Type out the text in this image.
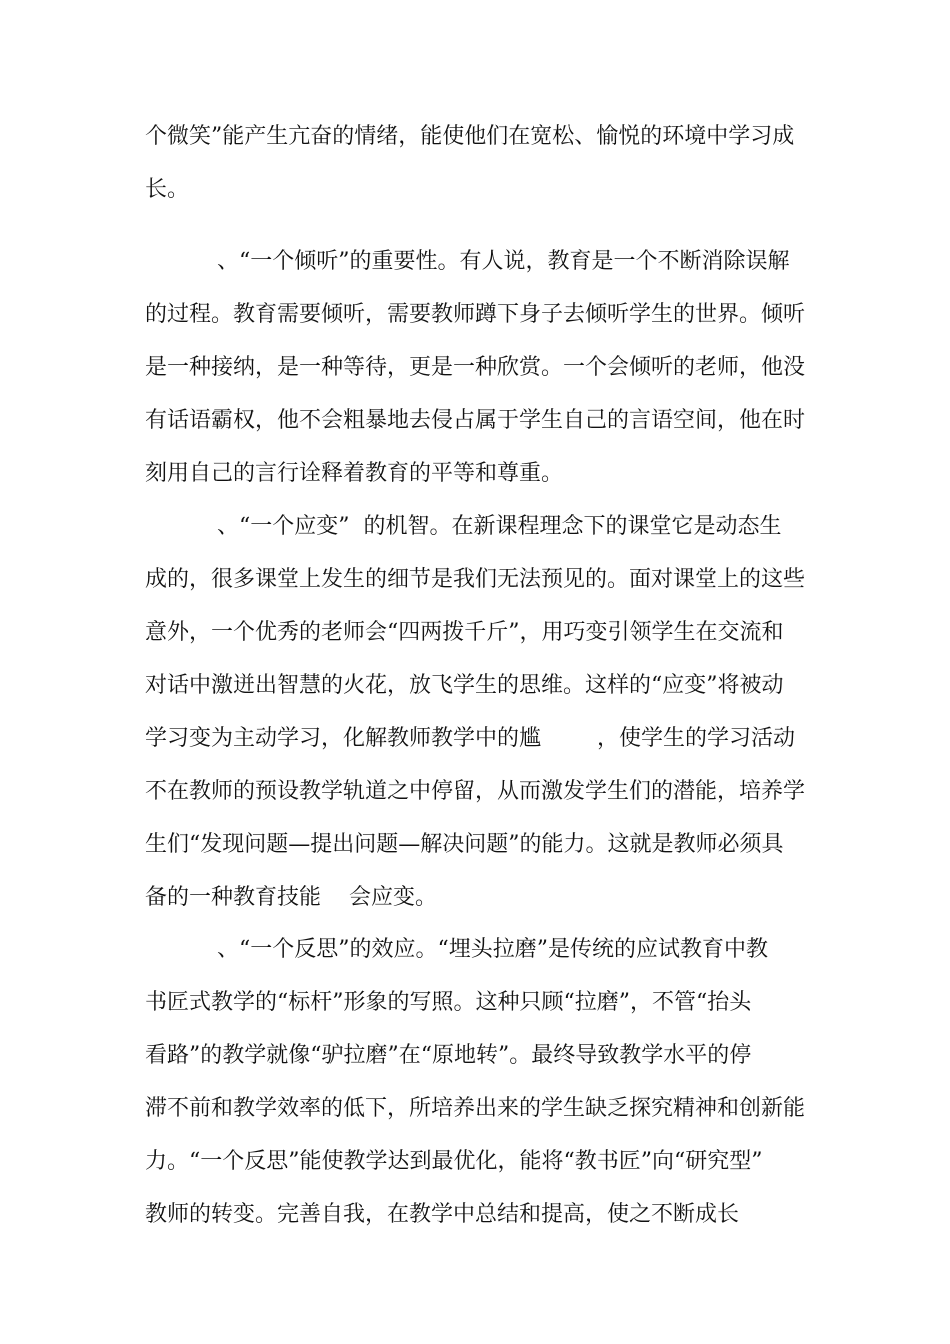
个微笑”能产生亢奋的情绪，能使他们在宽松、愉悦的环境中学习成
长。
、“一个倾听”的重要性。有人说，教育是一个不断消除误解
的过程。教育需要倾听，需要教师蹲下身子去倾听学生的世界。倾听
是一种接纳，是一种等待，更是一种欣赏。一个会倾听的老师，他没
有话语霸权，他不会粗暴地去侵占属于学生自己的言语空间，他在时
刻用自己的言行诠释着教育的平等和尊重。
、“一个应变”  的机智。在新课程理念下的课堂它是动态生
成的，很多课堂上发生的细节是我们无法预见的。面对课堂上的这些
意外，一个优秀的老师会“四两拨千斤”，用巧变引领学生在交流和
对话中激迸出智慧的火花，放飞学生的思维。这样的“应变”将被动
学习变为主动学习，化解教师教学中的尴        ，使学生的学习活动
不在教师的预设教学轨道之中停留，从而激发学生们的潜能，培养学
生们“发现问题—提出问题—解决问题”的能力。这就是教师必须具
备的一种教育技能    会应变。
、“一个反思”的效应。“埋头拉磨”是传统的应试教育中教
书匠式教学的“标杆”形象的写照。这种只顾“拉磨”，不管“抬头
看路”的教学就像“驴拉磨”在“原地转”。最终导致教学水平的停
滞不前和教学效率的低下，所培养出来的学生缺乏探究精神和创新能
力。“一个反思”能使教学达到最优化，能将“教书匠”向“研究型”
教师的转变。完善自我，在教学中总结和提高，使之不断成长
